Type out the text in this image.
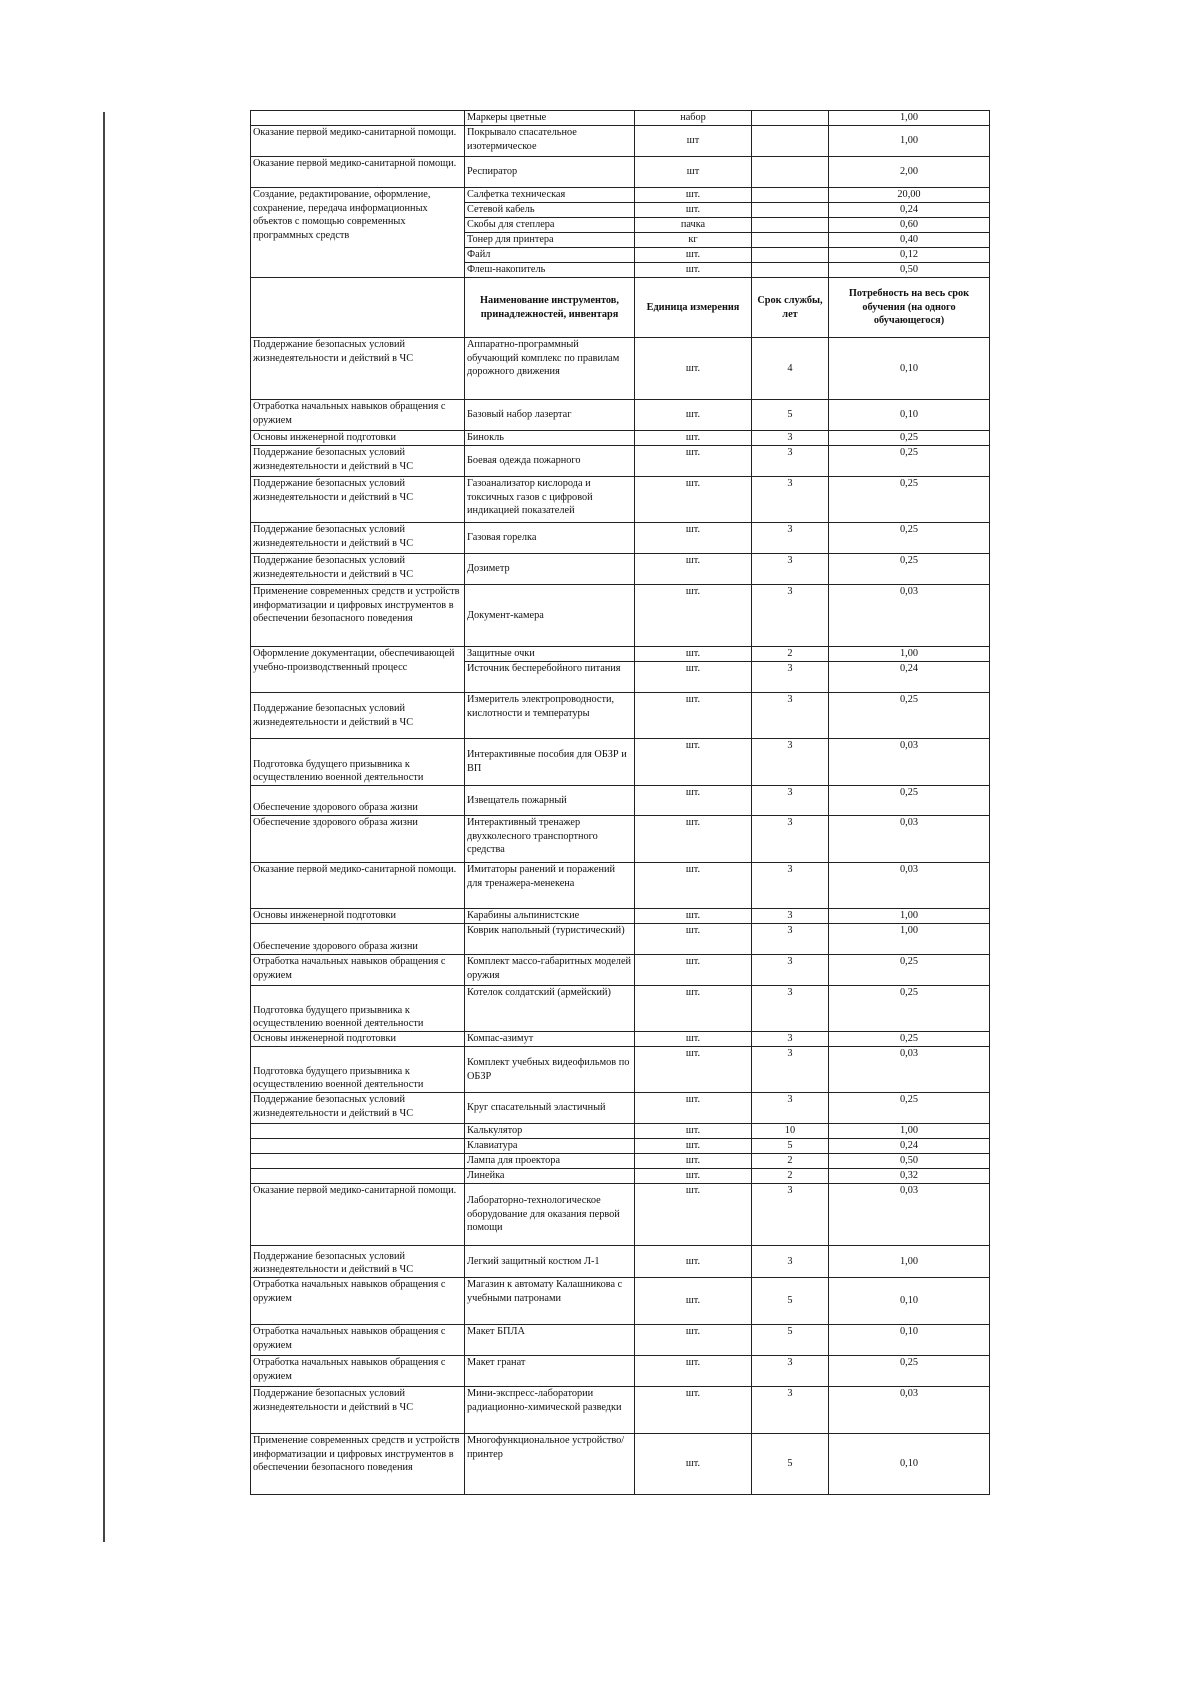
	Маркеры цветные	набор		1,00
Оказание первой медико-санитарной помощи.	Покрывало спасательное изотермическое	шт		1,00
Оказание первой медико-санитарной помощи.	Респиратор	шт		2,00
Создание, редактирование, оформление, сохранение, передача информационных объектов с помощью современных программных средств	Салфетка техническая	шт.		20,00
	Сетевой кабель	шт.		0,24
	Скобы для степлера	пачка		0,60
	Тонер для принтера	кг		0,40
	Файл	шт.		0,12
	Флеш-накопитель	шт.		0,50
	Наименование инструментов, принадлежностей, инвентаря	Единица измерения	Срок службы, лет	Потребность на весь срок обучения (на одного обучающегося)
Поддержание безопасных условий жизнедеятельности и действий в ЧС	Аппаратно-программный обучающий комплекс по правилам дорожного движения	шт.	4	0,10
Отработка начальных навыков обращения с оружием	Базовый набор лазертаг	шт.	5	0,10
Основы инженерной подготовки	Бинокль	шт.	3	0,25
Поддержание безопасных условий жизнедеятельности и действий в ЧС	Боевая одежда пожарного	шт.	3	0,25
Поддержание безопасных условий жизнедеятельности и действий в ЧС	Газоанализатор кислорода и токсичных газов с цифровой индикацией показателей	шт.	3	0,25
Поддержание безопасных условий жизнедеятельности и действий в ЧС	Газовая горелка	шт.	3	0,25
Поддержание безопасных условий жизнедеятельности и действий в ЧС	Дозиметр	шт.	3	0,25
Применение современных средств и устройств информатизации и цифровых инструментов в обеспечении безопасного поведения	Документ-камера	шт.	3	0,03
Оформление документации, обеспечивающей учебно-производственный процесс	Защитные очки	шт.	2	1,00
	Источник бесперебойного питания	шт.	3	0,24
Поддержание безопасных условий жизнедеятельности и действий в ЧС	Измеритель электропроводности, кислотности и температуры	шт.	3	0,25
Подготовка будущего призывника к осуществлению военной деятельности	Интерактивные пособия для ОБЗР и ВП	шт.	3	0,03
Обеспечение здорового образа жизни	Извещатель пожарный	шт.	3	0,25
Обеспечение здорового образа жизни	Интерактивный тренажер двухколесного транспортного средства	шт.	3	0,03
Оказание первой медико-санитарной помощи.	Имитаторы ранений и поражений для тренажера-менекена	шт.	3	0,03
Основы инженерной подготовки	Карабины альпинистские	шт.	3	1,00
Обеспечение здорового образа жизни	Коврик напольный (туристический)	шт.	3	1,00
Отработка начальных навыков обращения с оружием	Комплект массо-габаритных моделей оружия	шт.	3	0,25
Подготовка будущего призывника к осуществлению военной деятельности	Котелок солдатский (армейский)	шт.	3	0,25
Основы инженерной подготовки	Компас-азимут	шт.	3	0,25
Подготовка будущего призывника к осуществлению военной деятельности	Комплект учебных видеофильмов по ОБЗР	шт.	3	0,03
Поддержание безопасных условий жизнедеятельности и действий в ЧС	Круг спасательный эластичный	шт.	3	0,25
	Калькулятор	шт.	10	1,00
	Клавиатура	шт.	5	0,24
	Лампа для проектора	шт.	2	0,50
	Линейка	шт.	2	0,32
Оказание первой медико-санитарной помощи.	Лабораторно-технологическое оборудование для оказания первой помощи	шт.	3	0,03
Поддержание безопасных условий жизнедеятельности и действий в ЧС	Легкий защитный костюм Л-1	шт.	3	1,00
Отработка начальных навыков обращения с оружием	Магазин к автомату Калашникова с учебными патронами	шт.	5	0,10
Отработка начальных навыков обращения с оружием	Макет БПЛА	шт.	5	0,10
Отработка начальных навыков обращения с оружием	Макет гранат	шт.	3	0,25
Поддержание безопасных условий жизнедеятельности и действий в ЧС	Мини-экспресс-лаборатории радиационно-химической разведки	шт.	3	0,03
Применение современных средств и устройств информатизации и цифровых инструментов в обеспечении безопасного поведения	Многофункциональное устройство/принтер	шт.	5	0,10
